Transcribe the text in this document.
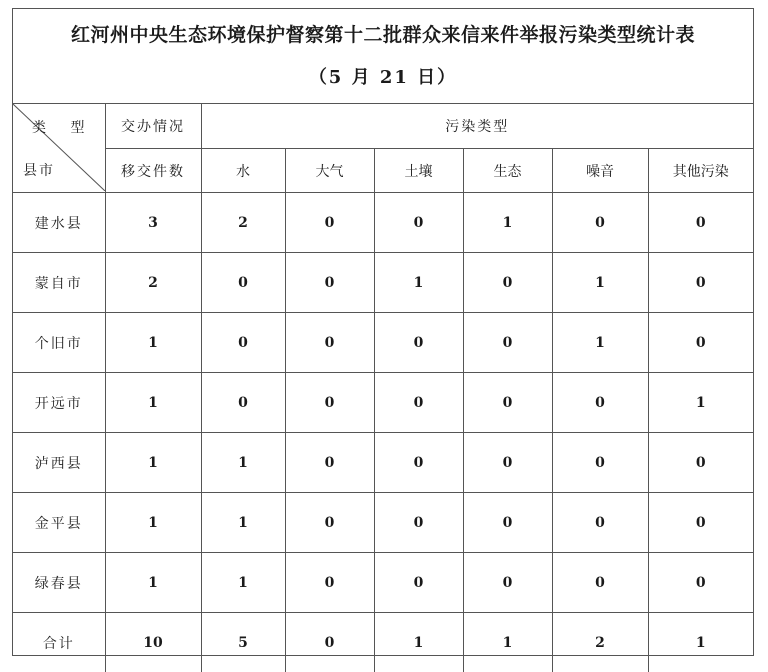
红河州中央生态环境保护督察第十二批群众来信来件举报污染类型统计表
（5 月 21 日）
类 型
县市	交办情况	污染类型					
	移交件数	水	大气	土壤	生态	噪音	其他污染
建水县	3	2	0	0	1	0	0
蒙自市	2	0	0	1	0	1	0
个旧市	1	0	0	0	0	1	0
开远市	1	0	0	0	0	0	1
泸西县	1	1	0	0	0	0	0
金平县	1	1	0	0	0	0	0
绿春县	1	1	0	0	0	0	0
合计	10	5	0	1	1	2	1
